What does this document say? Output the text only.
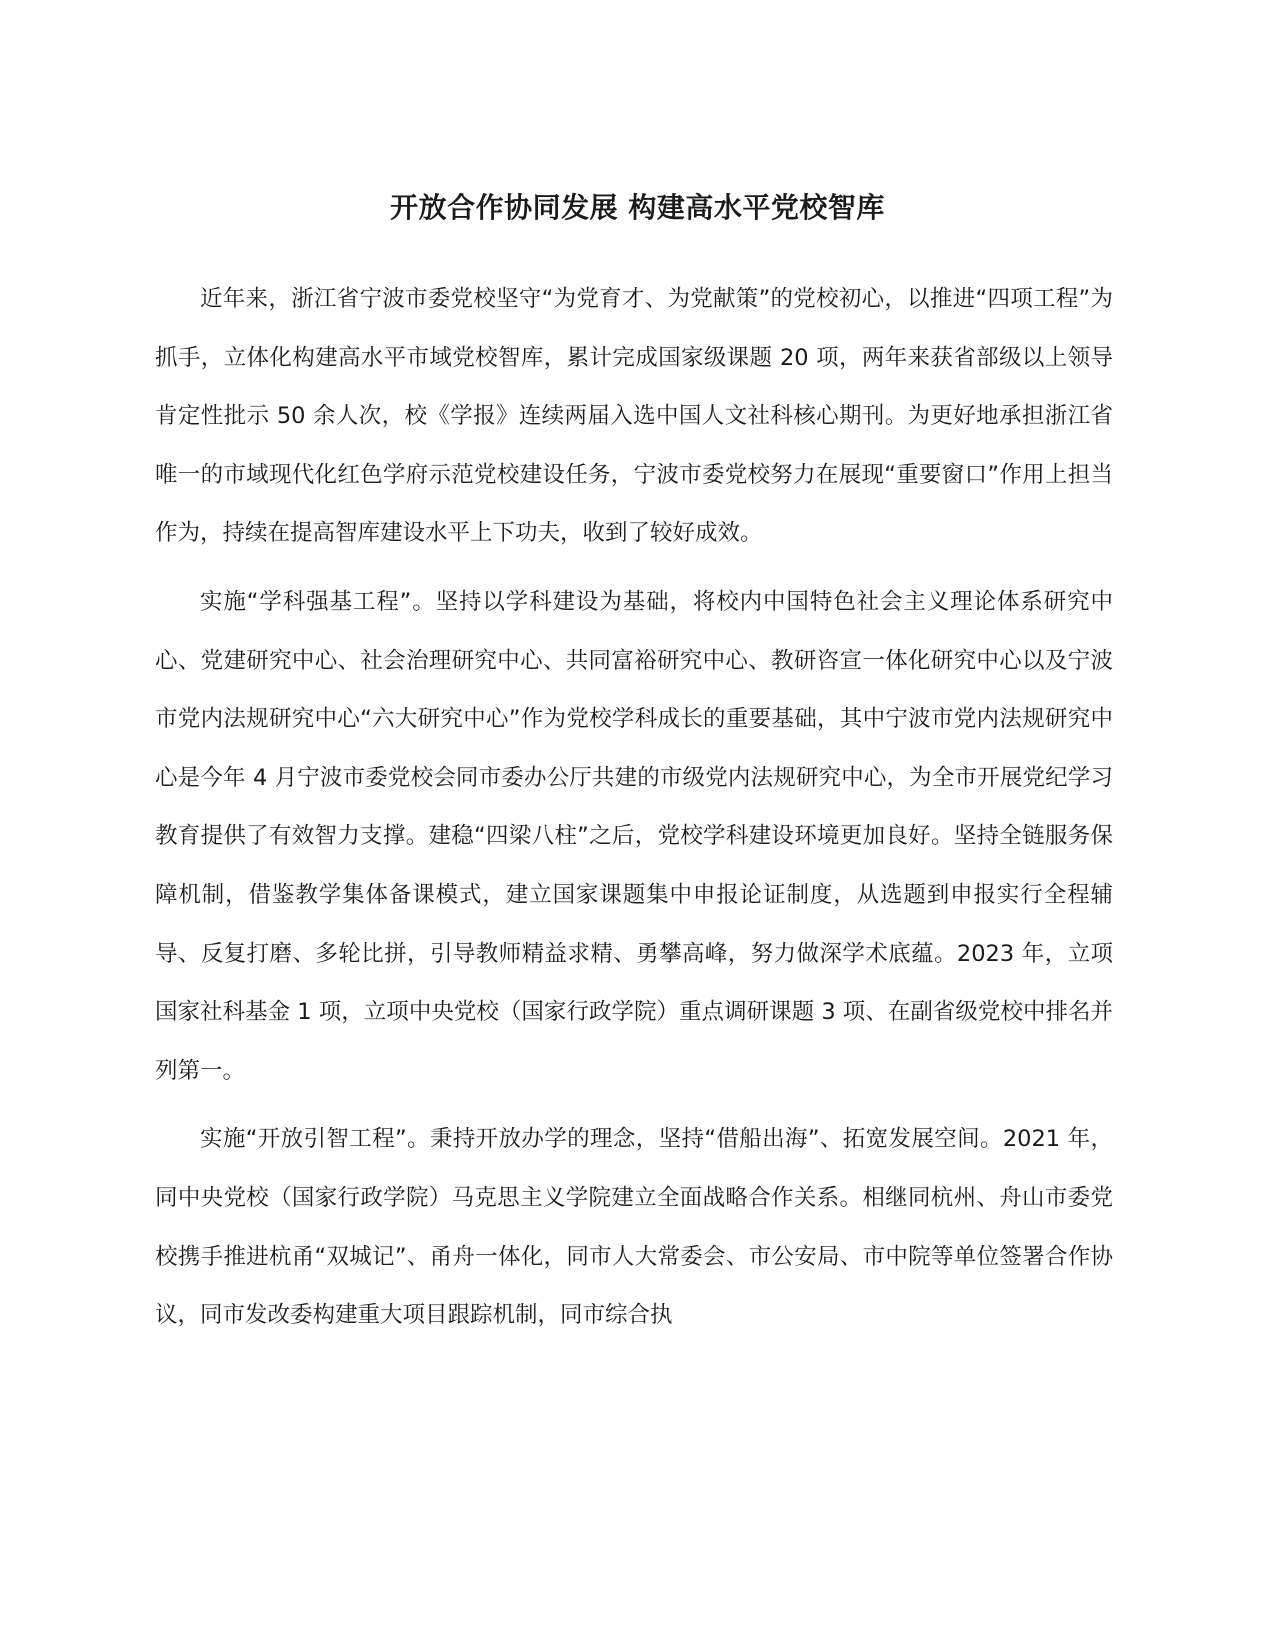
开放合作协同发展 构建高水平党校智库

近年来，浙江省宁波市委党校坚守“为党育才、为党献策”的党校初心，以推进“四项工程”为抓手，立体化构建高水平市域党校智库，累计完成国家级课题 20 项，两年来获省部级以上领导肯定性批示 50 余人次，校《学报》连续两届入选中国人文社科核心期刊。为更好地承担浙江省唯一的市域现代化红色学府示范党校建设任务，宁波市委党校努力在展现“重要窗口”作用上担当作为，持续在提高智库建设水平上下功夫，收到了较好成效。

实施“学科强基工程”。坚持以学科建设为基础，将校内中国特色社会主义理论体系研究中心、党建研究中心、社会治理研究中心、共同富裕研究中心、教研咨宣一体化研究中心以及宁波市党内法规研究中心“六大研究中心”作为党校学科成长的重要基础，其中宁波市党内法规研究中心是今年 4 月宁波市委党校会同市委办公厅共建的市级党内法规研究中心，为全市开展党纪学习教育提供了有效智力支撑。建稳“四梁八柱”之后，党校学科建设环境更加良好。坚持全链服务保障机制，借鉴教学集体备课模式，建立国家课题集中申报论证制度，从选题到申报实行全程辅导、反复打磨、多轮比拼，引导教师精益求精、勇攀高峰，努力做深学术底蕴。2023 年，立项国家社科基金 1 项，立项中央党校（国家行政学院）重点调研课题 3 项、在副省级党校中排名并列第一。

实施“开放引智工程”。秉持开放办学的理念，坚持“借船出海”、拓宽发展空间。2021 年，同中央党校（国家行政学院）马克思主义学院建立全面战略合作关系。相继同杭州、舟山市委党校携手推进杭甬“双城记”、甬舟一体化，同市人大常委会、市公安局、市中院等单位签署合作协议，同市发改委构建重大项目跟踪机制，同市综合执
